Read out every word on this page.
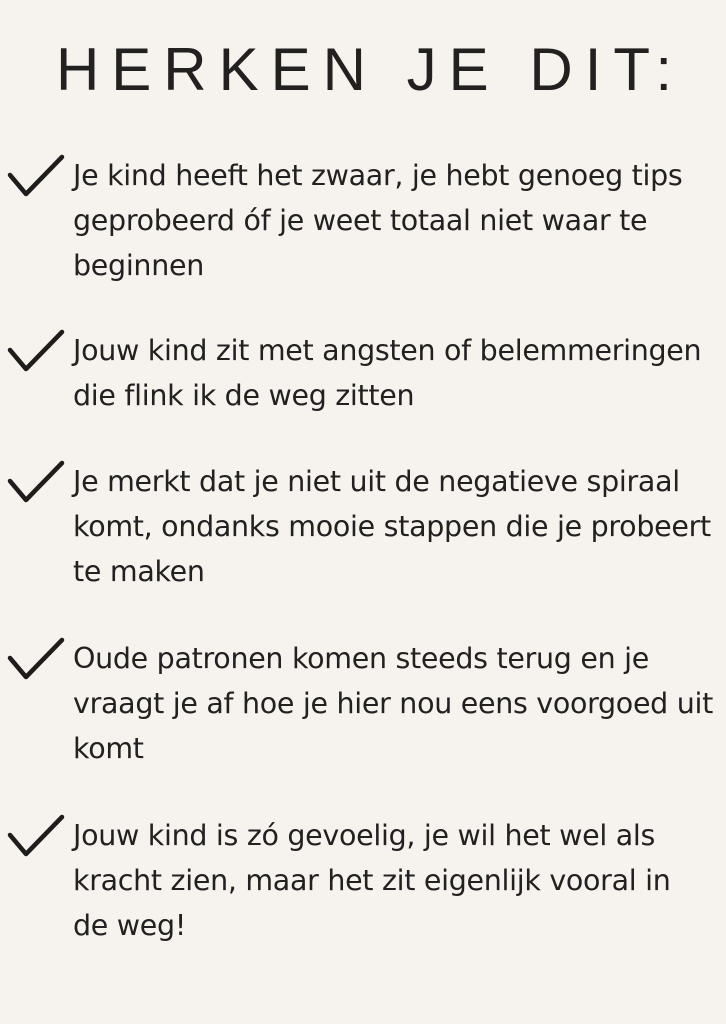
HERKEN JE DIT:
Je kind heeft het zwaar, je hebt genoeg tips geprobeerd óf je weet totaal niet waar te beginnen
Jouw kind zit met angsten of belemmeringen die flink ik de weg zitten
Je merkt dat je niet uit de negatieve spiraal komt, ondanks mooie stappen die je probeert te maken
Oude patronen komen steeds terug en je vraagt je af hoe je hier nou eens voorgoed uit komt
Jouw kind is zó gevoelig, je wil het wel als kracht zien, maar het zit eigenlijk vooral in de weg!
